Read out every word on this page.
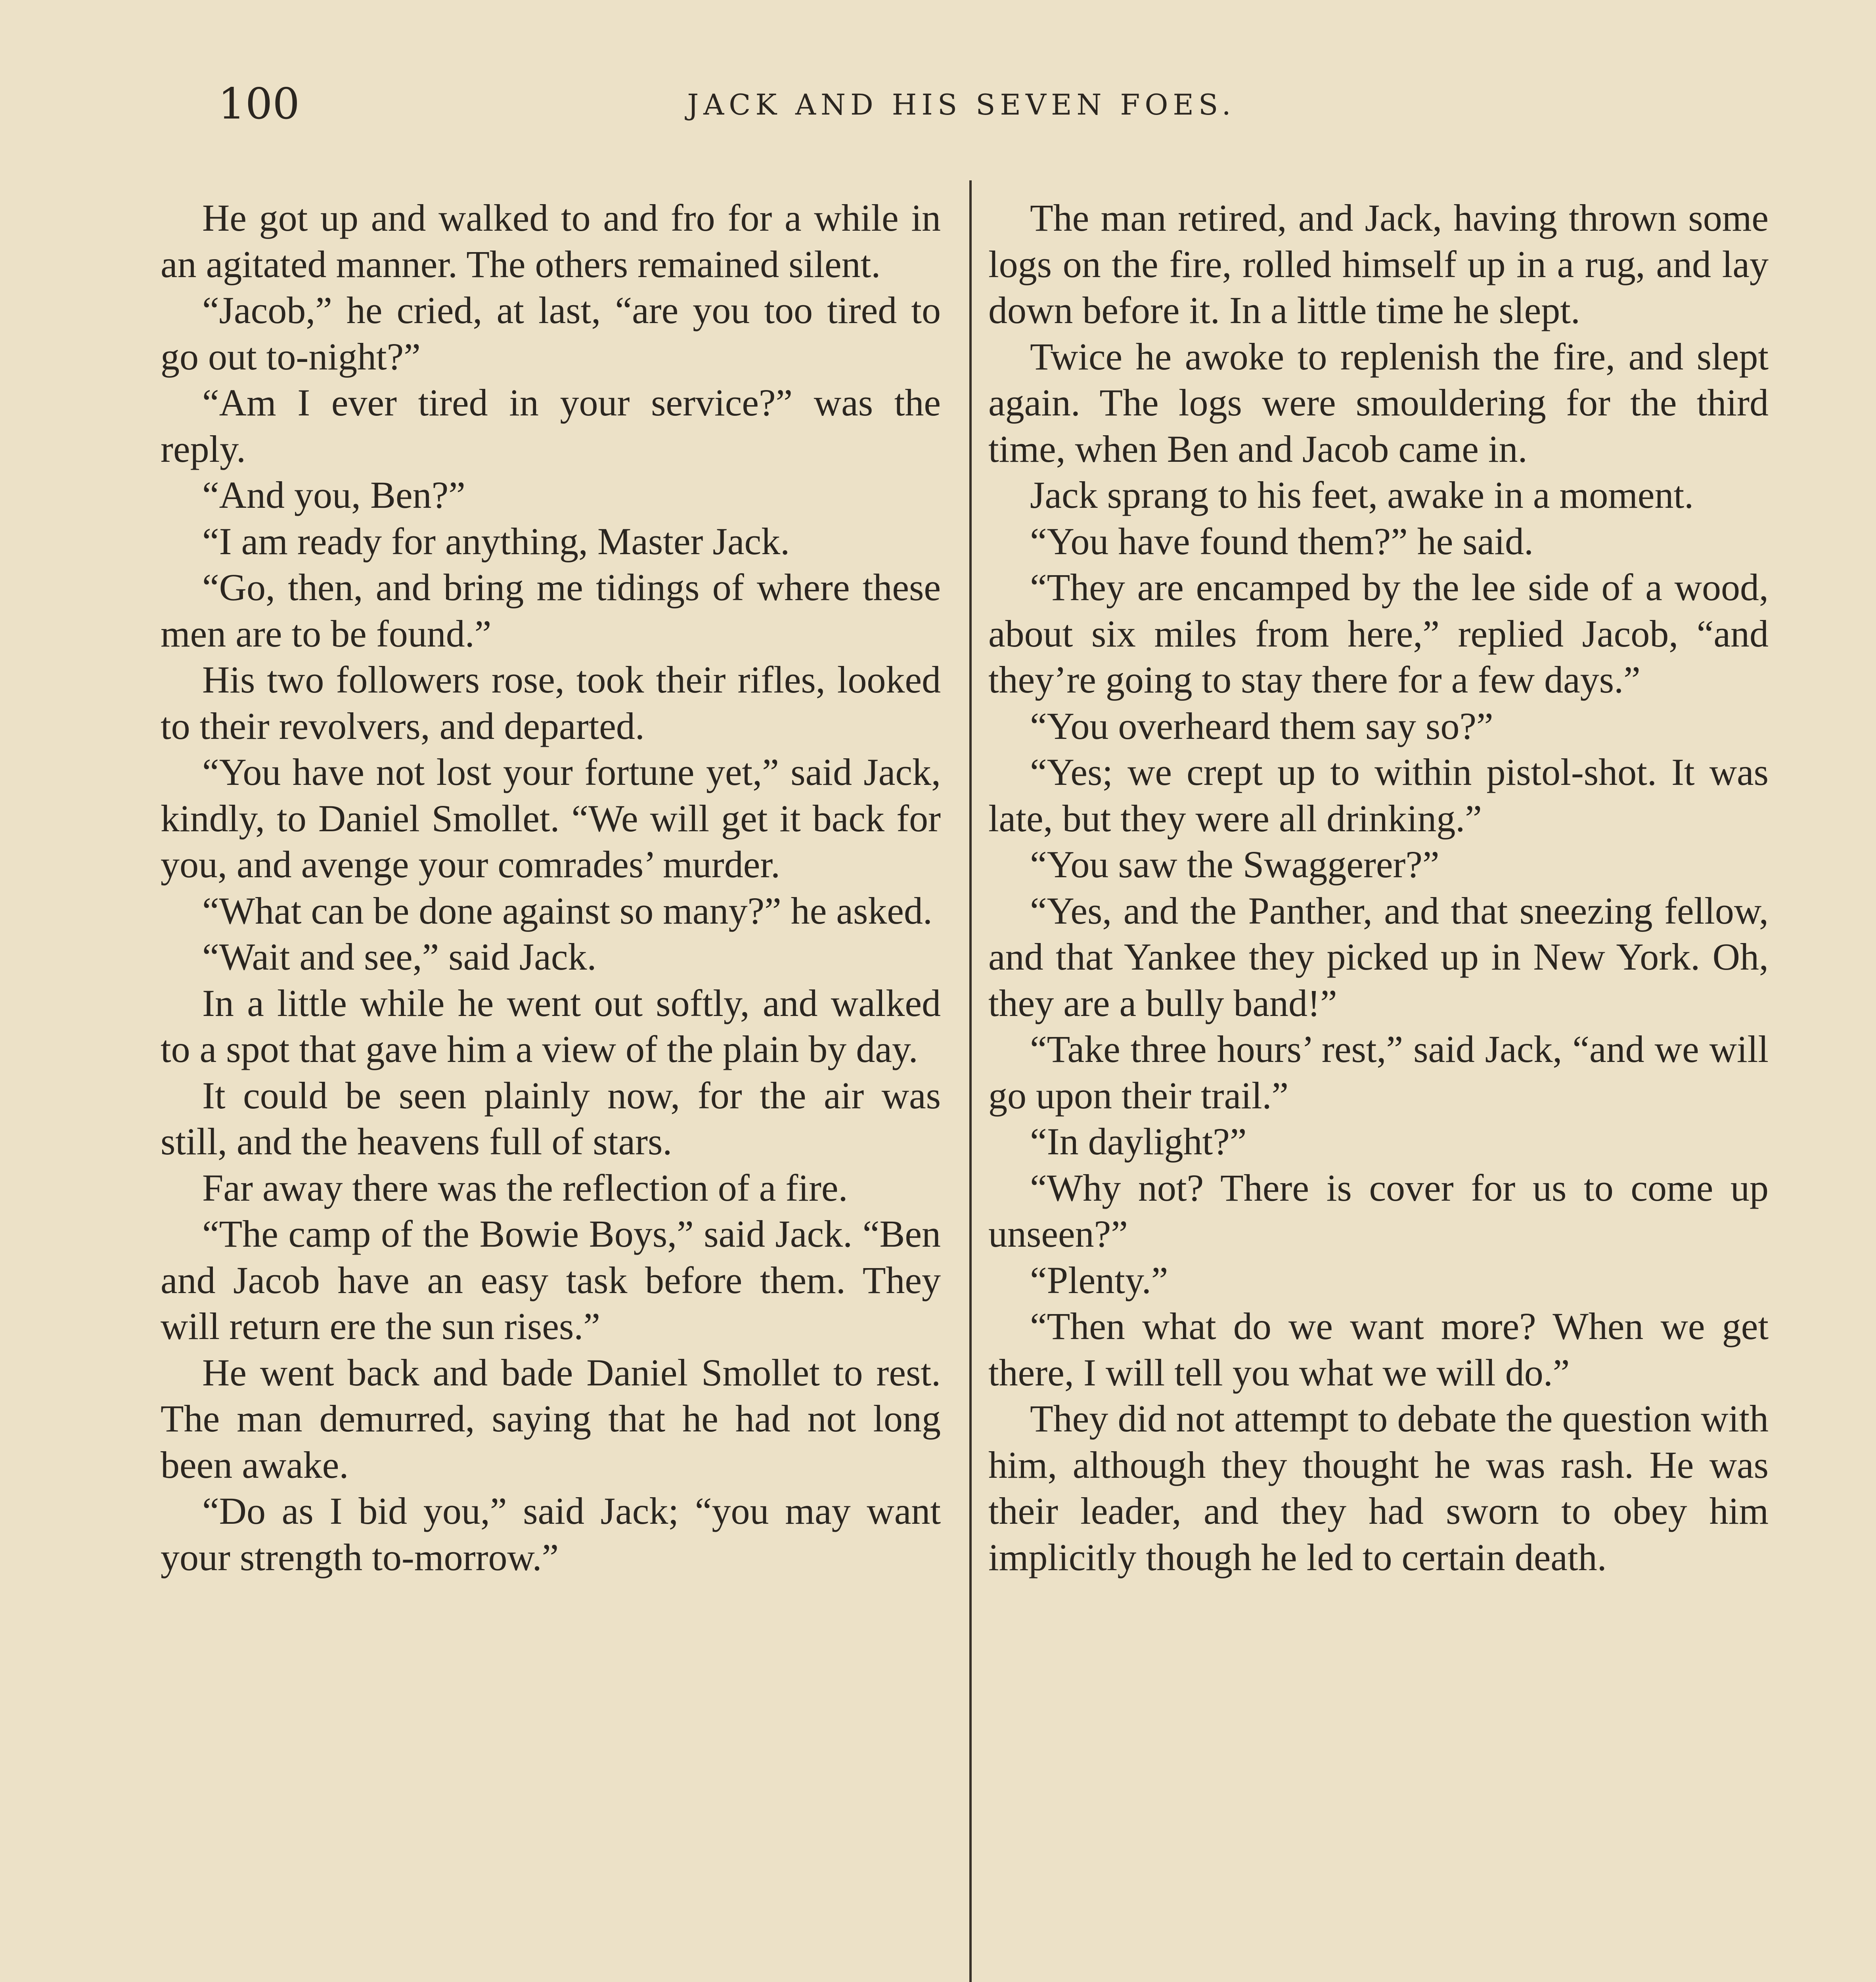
100	JACK AND HIS SEVEN FOES.

He got up and walked to and fro for a while in an agitated manner. The others remained silent.

“Jacob,” he cried, at last, “are you too tired to go out to-night?”

“Am I ever tired in your service?” was the reply.

“And you, Ben?”

“I am ready for anything, Master Jack.

“Go, then, and bring me tidings of where these men are to be found.”

His two followers rose, took their rifles, looked to their revolvers, and departed.

“You have not lost your fortune yet,” said Jack, kindly, to Daniel Smollet. “We will get it back for you, and avenge your comrades’ murder.

“What can be done against so many?” he asked.

“Wait and see,” said Jack.

In a little while he went out softly, and walked to a spot that gave him a view of the plain by day.

It could be seen plainly now, for the air was still, and the heavens full of stars.

Far away there was the reflection of a fire.

“The camp of the Bowie Boys,” said Jack. “Ben and Jacob have an easy task before them. They will return ere the sun rises.”

He went back and bade Daniel Smollet to rest. The man demurred, saying that he had not long been awake.

“Do as I bid you,” said Jack; “you may want your strength to-morrow.”

The man retired, and Jack, having thrown some logs on the fire, rolled himself up in a rug, and lay down before it. In a little time he slept.

Twice he awoke to replenish the fire, and slept again. The logs were smouldering for the third time, when Ben and Jacob came in.

Jack sprang to his feet, awake in a moment.

“You have found them?” he said.

“They are encamped by the lee side of a wood, about six miles from here,” replied Jacob, “and they’re going to stay there for a few days.”

“You overheard them say so?”

“Yes; we crept up to within pistol-shot. It was late, but they were all drinking.”

“You saw the Swaggerer?”

“Yes, and the Panther, and that sneezing fellow, and that Yankee they picked up in New York. Oh, they are a bully band!”

“Take three hours’ rest,” said Jack, “and we will go upon their trail.”

“In daylight?”

“Why not? There is cover for us to come up unseen?”

“Plenty.”

“Then what do we want more? When we get there, I will tell you what we will do.”

They did not attempt to debate the question with him, although they thought he was rash. He was their leader, and they had sworn to obey him implicitly though he led to certain death.
